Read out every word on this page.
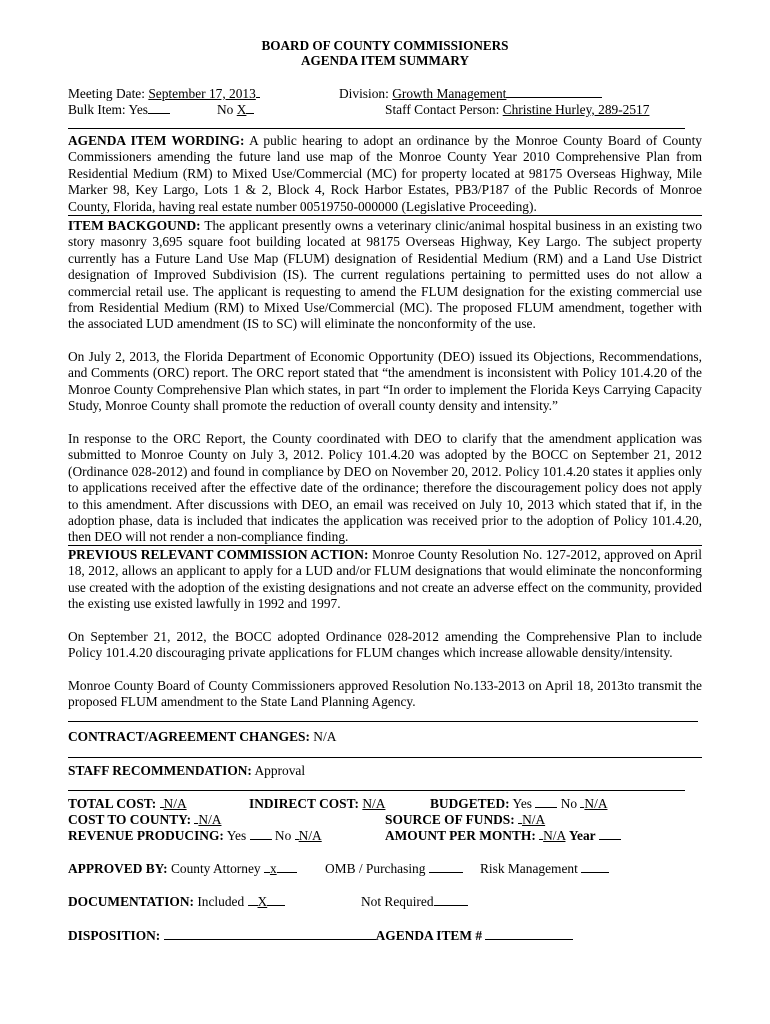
BOARD OF COUNTY COMMISSIONERS
AGENDA ITEM SUMMARY
Meeting Date: September 17, 2013	Division: Growth Management
Bulk Item: Yes	No X	Staff Contact Person: Christine Hurley, 289-2517
AGENDA ITEM WORDING: A public hearing to adopt an ordinance by the Monroe County Board of County Commissioners amending the future land use map of the Monroe County Year 2010 Comprehensive Plan from Residential Medium (RM) to Mixed Use/Commercial (MC) for property located at 98175 Overseas Highway, Mile Marker 98, Key Largo, Lots 1 & 2, Block 4, Rock Harbor Estates, PB3/P187 of the Public Records of Monroe County, Florida, having real estate number 00519750-000000 (Legislative Proceeding).
ITEM BACKGOUND: The applicant presently owns a veterinary clinic/animal hospital business in an existing two story masonry 3,695 square foot building located at 98175 Overseas Highway, Key Largo. The subject property currently has a Future Land Use Map (FLUM) designation of Residential Medium (RM) and a Land Use District designation of Improved Subdivision (IS). The current regulations pertaining to permitted uses do not allow a commercial retail use. The applicant is requesting to amend the FLUM designation for the existing commercial use from Residential Medium (RM) to Mixed Use/Commercial (MC). The proposed FLUM amendment, together with the associated LUD amendment (IS to SC) will eliminate the nonconformity of the use.
On July 2, 2013, the Florida Department of Economic Opportunity (DEO) issued its Objections, Recommendations, and Comments (ORC) report. The ORC report stated that “the amendment is inconsistent with Policy 101.4.20 of the Monroe County Comprehensive Plan which states, in part “In order to implement the Florida Keys Carrying Capacity Study, Monroe County shall promote the reduction of overall county density and intensity.”
In response to the ORC Report, the County coordinated with DEO to clarify that the amendment application was submitted to Monroe County on July 3, 2012. Policy 101.4.20 was adopted by the BOCC on September 21, 2012 (Ordinance 028-2012) and found in compliance by DEO on November 20, 2012. Policy 101.4.20 states it applies only to applications received after the effective date of the ordinance; therefore the discouragement policy does not apply to this amendment. After discussions with DEO, an email was received on July 10, 2013 which stated that if, in the adoption phase, data is included that indicates the application was received prior to the adoption of Policy 101.4.20, then DEO will not render a non-compliance finding.
PREVIOUS RELEVANT COMMISSION ACTION: Monroe County Resolution No. 127-2012, approved on April 18, 2012, allows an applicant to apply for a LUD and/or FLUM designations that would eliminate the nonconforming use created with the adoption of the existing designations and not create an adverse effect on the community, provided the existing use existed lawfully in 1992 and 1997.
On September 21, 2012, the BOCC adopted Ordinance 028-2012 amending the Comprehensive Plan to include Policy 101.4.20 discouraging private applications for FLUM changes which increase allowable density/intensity.
Monroe County Board of County Commissioners approved Resolution No.133-2013 on April 18, 2013to transmit the proposed FLUM amendment to the State Land Planning Agency.
CONTRACT/AGREEMENT CHANGES: N/A
STAFF RECOMMENDATION: Approval
TOTAL COST: N/A	INDIRECT COST: N/A	BUDGETED: Yes No N/A
COST TO COUNTY: N/A	SOURCE OF FUNDS: N/A
REVENUE PRODUCING: Yes No N/A	AMOUNT PER MONTH: N/A Year
APPROVED BY: County Attorney x	OMB / Purchasing	Risk Management
DOCUMENTATION: Included X	Not Required
DISPOSITION:	AGENDA ITEM #
